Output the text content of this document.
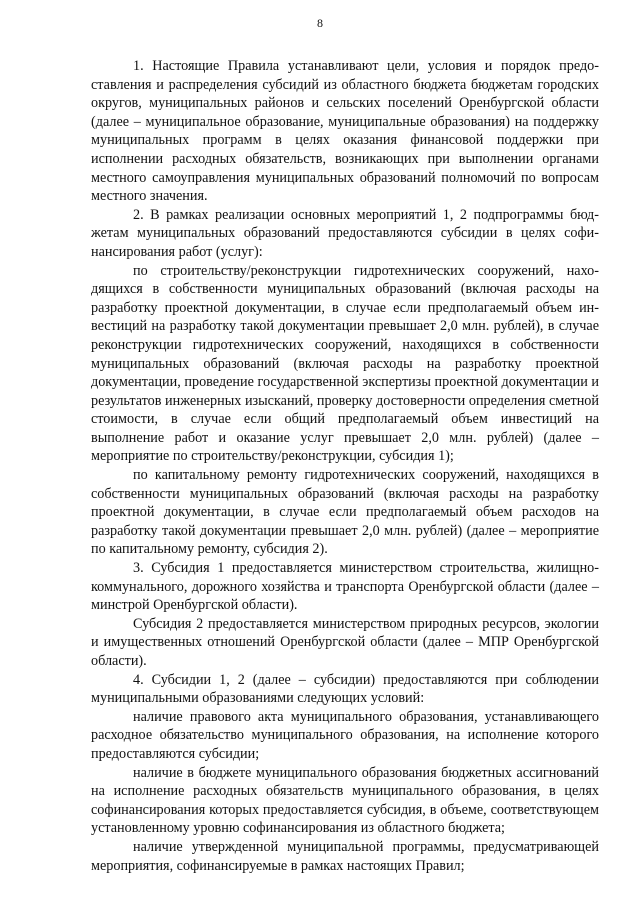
8

1. Настоящие Правила устанавливают цели, условия и порядок предоставления и распределения субсидий из областного бюджета бюджетам городских округов, муниципальных районов и сельских поселений Оренбургской области (далее – муниципальное образование, муниципальные образования) на поддержку муниципальных программ в целях оказания финансовой поддержки при исполнении расходных обязательств, возникающих при выполнении органами местного самоуправления муниципальных образований полномочий по вопросам местного значения.

2. В рамках реализации основных мероприятий 1, 2 подпрограммы бюджетам муниципальных образований предоставляются субсидии в целях софинансирования работ (услуг):

по строительству/реконструкции гидротехнических сооружений, находящихся в собственности муниципальных образований (включая расходы на разработку проектной документации, в случае если предполагаемый объем инвестиций на разработку такой документации превышает 2,0 млн. рублей), в случае реконструкции гидротехнических сооружений, находящихся в собственности муниципальных образований (включая расходы на разработку проектной документации, проведение государственной экспертизы проектной документации и результатов инженерных изысканий, проверку достоверности определения сметной стоимости, в случае если общий предполагаемый объем инвестиций на выполнение работ и оказание услуг превышает 2,0 млн. рублей) (далее – мероприятие по строительству/реконструкции, субсидия 1);

по капитальному ремонту гидротехнических сооружений, находящихся в собственности муниципальных образований (включая расходы на разработку проектной документации, в случае если предполагаемый объем расходов на разработку такой документации превышает 2,0 млн. рублей) (далее – мероприятие по капитальному ремонту, субсидия 2).

3. Субсидия 1 предоставляется министерством строительства, жилищно-коммунального, дорожного хозяйства и транспорта Оренбургской области (далее – минстрой Оренбургской области).

Субсидия 2 предоставляется министерством природных ресурсов, экологии и имущественных отношений Оренбургской области (далее – МПР Оренбургской области).

4. Субсидии 1, 2 (далее – субсидии) предоставляются при соблюдении муниципальными образованиями следующих условий:

наличие правового акта муниципального образования, устанавливающего расходное обязательство муниципального образования, на исполнение которого предоставляются субсидии;

наличие в бюджете муниципального образования бюджетных ассигнований на исполнение расходных обязательств муниципального образования, в целях софинансирования которых предоставляется субсидия, в объеме, соответствующем установленному уровню софинансирования из областного бюджета;

наличие утвержденной муниципальной программы, предусматривающей мероприятия, софинансируемые в рамках настоящих Правил;
